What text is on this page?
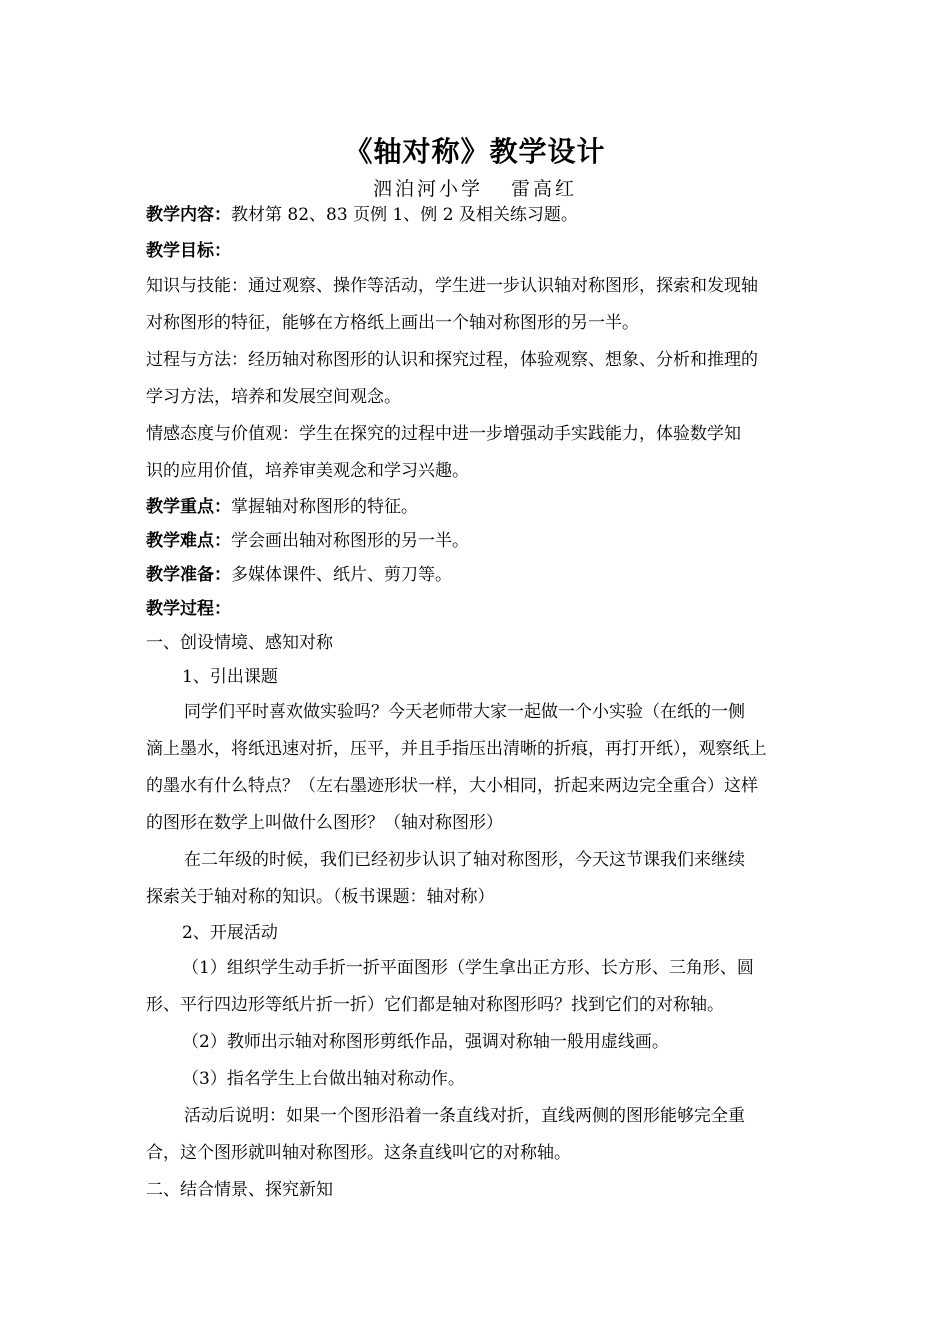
《轴对称》教学设计
泗泊河小学 雷高红
教学内容：教材第 82、83 页例 1、例 2 及相关练习题。
教学目标：
知识与技能：通过观察、操作等活动，学生进一步认识轴对称图形，探索和发现轴
对称图形的特征，能够在方格纸上画出一个轴对称图形的另一半。
过程与方法：经历轴对称图形的认识和探究过程，体验观察、想象、分析和推理的
学习方法，培养和发展空间观念。
情感态度与价值观：学生在探究的过程中进一步增强动手实践能力，体验数学知
识的应用价值，培养审美观念和学习兴趣。
教学重点：掌握轴对称图形的特征。
教学难点：学会画出轴对称图形的另一半。
教学准备：多媒体课件、纸片、剪刀等。
教学过程：
一、创设情境、感知对称
1、引出课题
同学们平时喜欢做实验吗？今天老师带大家一起做一个小实验（在纸的一侧
滴上墨水，将纸迅速对折，压平，并且手指压出清晰的折痕，再打开纸），观察纸上
的墨水有什么特点？（左右墨迹形状一样，大小相同，折起来两边完全重合）这样
的图形在数学上叫做什么图形？（轴对称图形）
在二年级的时候，我们已经初步认识了轴对称图形，今天这节课我们来继续
探索关于轴对称的知识。（板书课题：轴对称）
2、开展活动
（1）组织学生动手折一折平面图形（学生拿出正方形、长方形、三角形、圆
形、平行四边形等纸片折一折）它们都是轴对称图形吗？找到它们的对称轴。
（2）教师出示轴对称图形剪纸作品，强调对称轴一般用虚线画。
（3）指名学生上台做出轴对称动作。
活动后说明：如果一个图形沿着一条直线对折，直线两侧的图形能够完全重
合，这个图形就叫轴对称图形。这条直线叫它的对称轴。
二、结合情景、探究新知
